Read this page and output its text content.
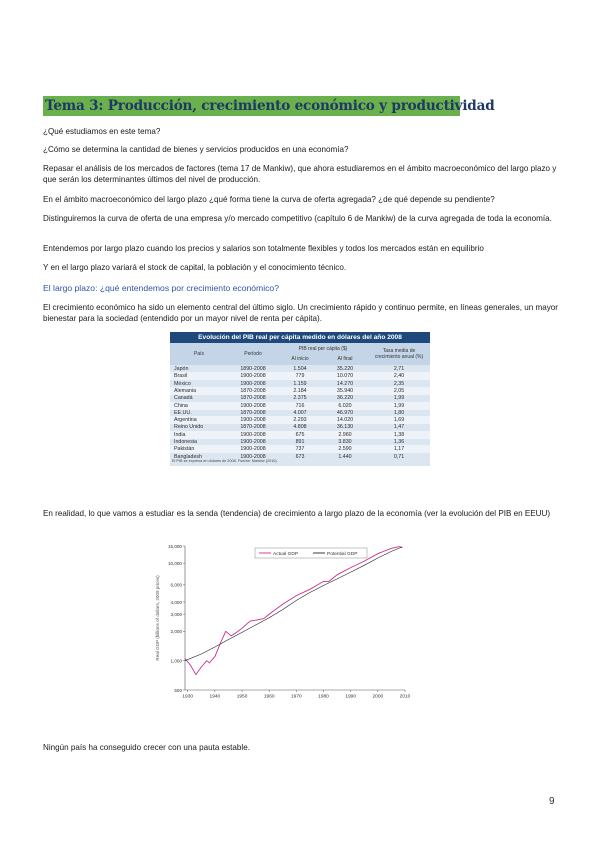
Tema 3: Producción, crecimiento económico y productividad
¿Qué estudiamos en este tema?
¿Cómo se determina la cantidad de bienes y servicios producidos en una economía?
Repasar el análisis de los mercados de factores (tema 17 de Mankiw), que ahora estudiaremos en el ámbito macroeconómico del largo plazo y que serán los determinantes últimos del nivel de producción.
En el ámbito macroeconómico del largo plazo ¿qué forma tiene la curva de oferta agregada? ¿de qué depende su pendiente?
Distinguiremos la curva de oferta de una empresa y/o mercado competitivo (capítulo 6 de Mankiw) de la curva agregada de toda la economía.
Entendemos por largo plazo cuando los precios y salarios son totalmente flexibles y todos los mercados están en equilibrio
Y en el largo plazo variará el stock de capital, la población y el conocimiento técnico.
El largo plazo: ¿qué entendemos por crecimiento económico?
El crecimiento económico ha sido un elemento central del último siglo. Un crecimiento rápido y continuo permite, en líneas generales, un mayor bienestar para la sociedad (entendido por un mayor nivel de renta per cápita).
Evolución del PIB real per cápita medido en dólares del año 2008
País	Período
PIB real per cápita ($)
Al inicio	Al final
Tasa media de crecimiento anual (%)
Japón	1890-2008	1.504	35.220	2,71
Brasil	1900-2008	779	10.070	2,40
México	1900-2008	1.159	14.270	2,35
Alemania	1870-2008	2.184	35.940	2,05
Canadá	1870-2008	2.375	36.220	1,99
China	1900-2008	716	6.020	1,99
EE.UU.	1870-2008	4.007	46.970	1,80
Argentina	1900-2008	2.293	14.020	1,69
Reino Unido	1870-2008	4.808	36.130	1,47
India	1900-2008	675	2.960	1,38
Indonesia	1900-2008	891	3.830	1,36
Pakistán	1900-2008	737	2.590	1,17
Bangladesh	1900-2008	673	1.440	0,71
El PIB se expresa en dólares de 2008. Fuente: Mankiw (2010).
En realidad, lo que vamos a estudiar es la senda (tendencia) de crecimiento a largo plazo de la economía (ver la evolución del PIB en EEUU)
500
1,000
2,000
3,000
4,000
6,000
10,000
15,000
1930	1940	1950	1960	1970	1980	1990	2000	2010
Real GDP (billions of dollars, 2009 prices)
Actual GDP	Potential GDP
Ningún país ha conseguido crecer con una pauta estable.
9
